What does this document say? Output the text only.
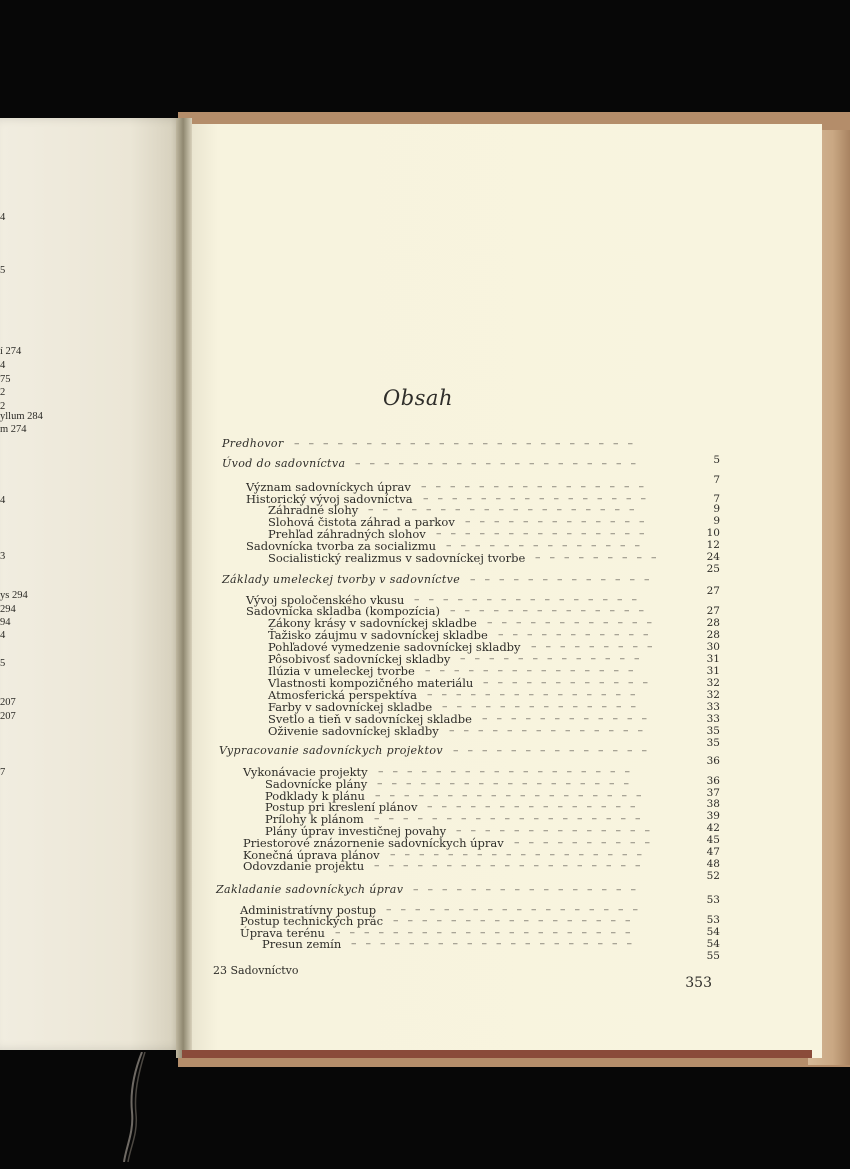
4
5
í 274
4
75
2
2
yllum 284
m 274
4
3
ys 294
294
94
4
5
207
207
7
Obsah
Predhovor ––––––––––––––––––––––––
5
Úvod do sadovníctva ––––––––––––––––––––
7
Význam sadovníckych úprav ––––––––––––––––
7
Historický vývoj sadovníctva ––––––––––––––––
9
Záhradné slohy –––––––––––––––––––
9
Slohová čistota záhrad a parkov –––––––––––––
10
Prehľad záhradných slohov –––––––––––––––
12
Sadovnícka tvorba za socializmu ––––––––––––––
24
Socialistický realizmus v sadovníckej tvorbe –––––––––
25
Základy umeleckej tvorby v sadovníctve –––––––––––––
27
Vývoj spoločenského vkusu ––––––––––––––––
27
Sadovnícka skladba (kompozícia) ––––––––––––––
28
Zákony krásy v sadovníckej skladbe ––––––––––––
28
Ťažisko záujmu v sadovníckej skladbe –––––––––––
30
Pohľadové vymedzenie sadovníckej skladby –––––––––
31
Pôsobivosť sadovníckej skladby –––––––––––––
31
Ilúzia v umeleckej tvorbe –––––––––––––––
32
Vlastnosti kompozičného materiálu ––––––––––––
32
Atmosferická perspektíva –––––––––––––––
33
Farby v sadovníckej skladbe ––––––––––––––
33
Svetlo a tieň v sadovníckej skladbe ––––––––––––
35
Oživenie sadovníckej skladby ––––––––––––––
35
Vypracovanie sadovníckych projektov ––––––––––––––
36
Vykonávacie projekty ––––––––––––––––––
36
Sadovnícke plány ––––––––––––––––––
37
Podklady k plánu –––––––––––––––––––
38
Postup pri kreslení plánov –––––––––––––––
39
Prílohy k plánom –––––––––––––––––––
42
Plány úprav investičnej povahy ––––––––––––––
45
Priestorové znázornenie sadovníckych úprav ––––––––––
47
Konečná úprava plánov ––––––––––––––––––
48
Odovzdanie projektu –––––––––––––––––––
52
Zakladanie sadovníckych úprav ––––––––––––––––
53
Administratívny postup ––––––––––––––––––
53
Postup technických prác –––––––––––––––––
54
Úprava terénu –––––––––––––––––––––
54
Presun zemín ––––––––––––––––––––
55
23 Sadovníctvo
353
